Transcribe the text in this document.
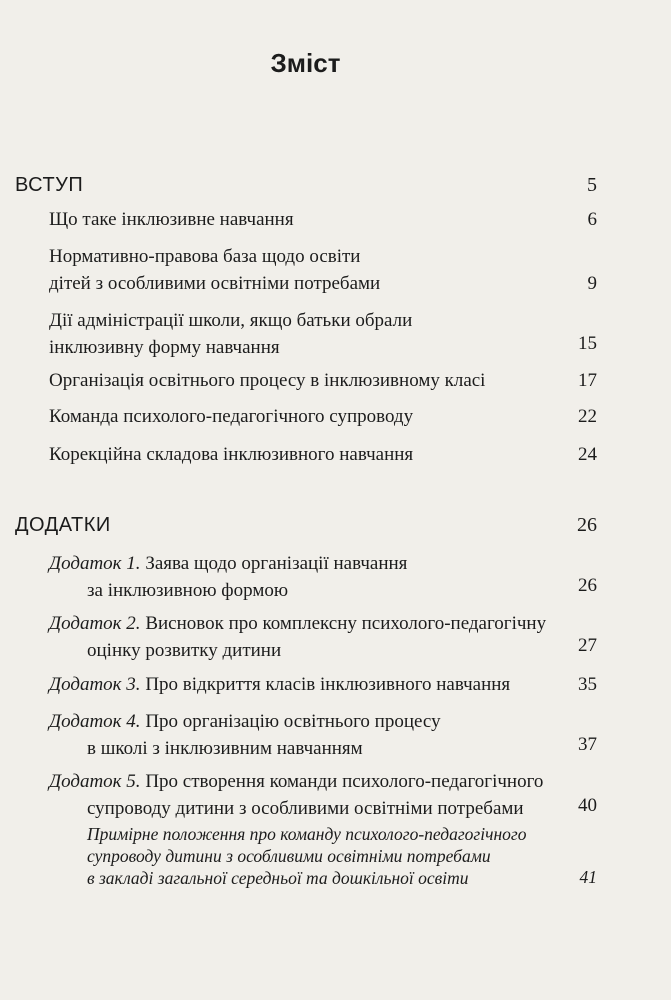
Зміст
ВСТУП	5
Що таке інклюзивне навчання	6
Нормативно-правова база щодо освіти
дітей з особливими освітніми потребами	9
Дії адміністрації школи, якщо батьки обрали
інклюзивну форму навчання	15
Організація освітнього процесу в інклюзивному класі	17
Команда психолого-педагогічного супроводу	22
Корекційна складова інклюзивного навчання	24
ДОДАТКИ	26
Додаток 1. Заява щодо організації навчання
за інклюзивною формою	26
Додаток 2. Висновок про комплексну психолого-педагогічну
оцінку розвитку дитини	27
Додаток 3. Про відкриття класів інклюзивного навчання	35
Додаток 4. Про організацію освітнього процесу
в школі з інклюзивним навчанням	37
Додаток 5. Про створення команди психолого-педагогічного
супроводу дитини з особливими освітніми потребами	40
Примірне положення про команду психолого-педагогічного
супроводу дитини з особливими освітніми потребами
в закладі загальної середньої та дошкільної освіти	41
